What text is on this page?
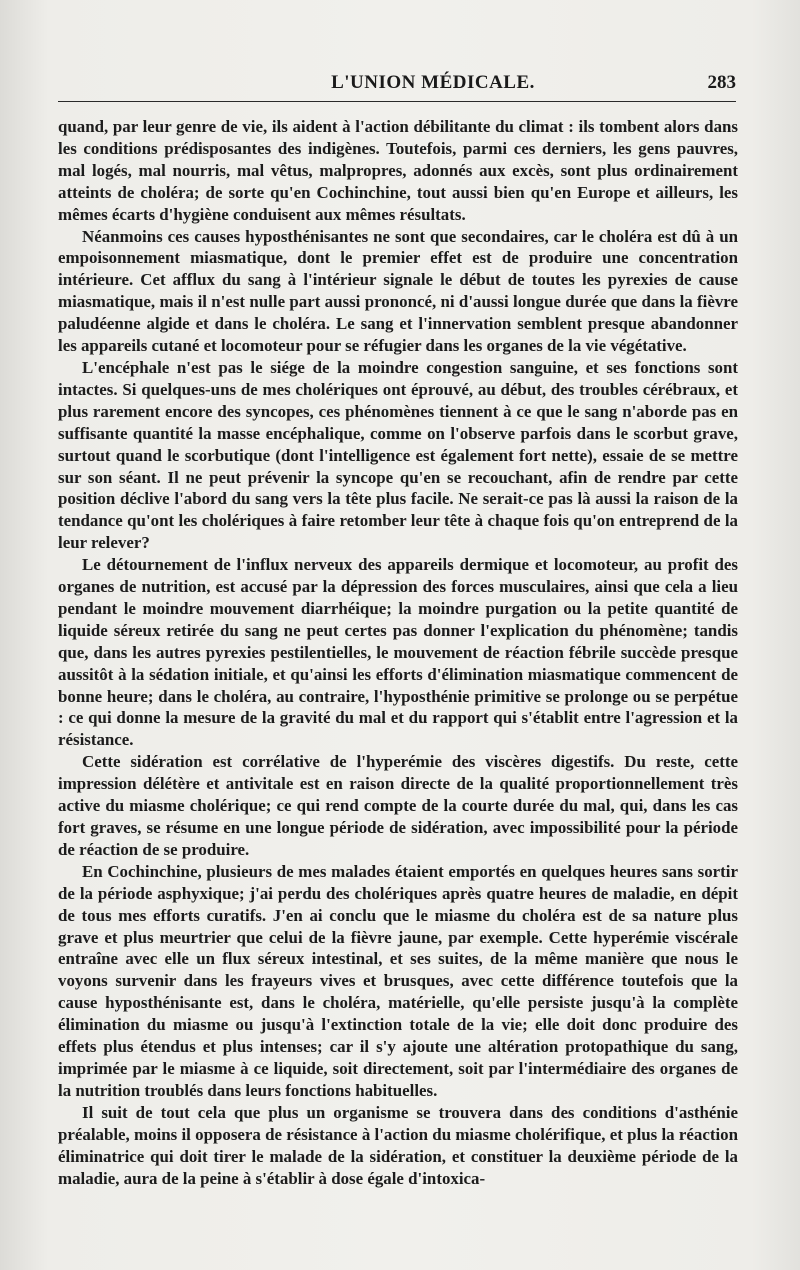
L'UNION MÉDICALE.	283

quand, par leur genre de vie, ils aident à l'action débilitante du climat : ils tombent alors dans les conditions prédisposantes des indigènes. Toutefois, parmi ces derniers, les gens pauvres, mal logés, mal nourris, mal vêtus, malpropres, adonnés aux excès, sont plus ordinairement atteints de choléra; de sorte qu'en Cochinchine, tout aussi bien qu'en Europe et ailleurs, les mêmes écarts d'hygiène conduisent aux mêmes résultats.

Néanmoins ces causes hyposthénisantes ne sont que secondaires, car le choléra est dû à un empoisonnement miasmatique, dont le premier effet est de produire une concentration intérieure. Cet afflux du sang à l'intérieur signale le début de toutes les pyrexies de cause miasmatique, mais il n'est nulle part aussi prononcé, ni d'aussi longue durée que dans la fièvre paludéenne algide et dans le choléra. Le sang et l'innervation semblent presque abandonner les appareils cutané et locomoteur pour se réfugier dans les organes de la vie végétative.

L'encéphale n'est pas le siége de la moindre congestion sanguine, et ses fonctions sont intactes. Si quelques-uns de mes cholériques ont éprouvé, au début, des troubles cérébraux, et plus rarement encore des syncopes, ces phénomènes tiennent à ce que le sang n'aborde pas en suffisante quantité la masse encéphalique, comme on l'observe parfois dans le scorbut grave, surtout quand le scorbutique (dont l'intelligence est également fort nette), essaie de se mettre sur son séant. Il ne peut prévenir la syncope qu'en se recouchant, afin de rendre par cette position déclive l'abord du sang vers la tête plus facile. Ne serait-ce pas là aussi la raison de la tendance qu'ont les cholériques à faire retomber leur tête à chaque fois qu'on entreprend de la leur relever?

Le détournement de l'influx nerveux des appareils dermique et locomoteur, au profit des organes de nutrition, est accusé par la dépression des forces musculaires, ainsi que cela a lieu pendant le moindre mouvement diarrhéique; la moindre purgation ou la petite quantité de liquide séreux retirée du sang ne peut certes pas donner l'explication du phénomène; tandis que, dans les autres pyrexies pestilentielles, le mouvement de réaction fébrile succède presque aussitôt à la sédation initiale, et qu'ainsi les efforts d'élimination miasmatique commencent de bonne heure; dans le choléra, au contraire, l'hyposthénie primitive se prolonge ou se perpétue : ce qui donne la mesure de la gravité du mal et du rapport qui s'établit entre l'agression et la résistance.

Cette sidération est corrélative de l'hyperémie des viscères digestifs. Du reste, cette impression délétère et antivitale est en raison directe de la qualité proportionnellement très active du miasme cholérique; ce qui rend compte de la courte durée du mal, qui, dans les cas fort graves, se résume en une longue période de sidération, avec impossibilité pour la période de réaction de se produire.

En Cochinchine, plusieurs de mes malades étaient emportés en quelques heures sans sortir de la période asphyxique; j'ai perdu des cholériques après quatre heures de maladie, en dépit de tous mes efforts curatifs. J'en ai conclu que le miasme du choléra est de sa nature plus grave et plus meurtrier que celui de la fièvre jaune, par exemple. Cette hyperémie viscérale entraîne avec elle un flux séreux intestinal, et ses suites, de la même manière que nous le voyons survenir dans les frayeurs vives et brusques, avec cette différence toutefois que la cause hyposthénisante est, dans le choléra, matérielle, qu'elle persiste jusqu'à la complète élimination du miasme ou jusqu'à l'extinction totale de la vie; elle doit donc produire des effets plus étendus et plus intenses; car il s'y ajoute une altération protopathique du sang, imprimée par le miasme à ce liquide, soit directement, soit par l'intermédiaire des organes de la nutrition troublés dans leurs fonctions habituelles.

Il suit de tout cela que plus un organisme se trouvera dans des conditions d'asthénie préalable, moins il opposera de résistance à l'action du miasme cholérifique, et plus la réaction éliminatrice qui doit tirer le malade de la sidération, et constituer la deuxième période de la maladie, aura de la peine à s'établir à dose égale d'intoxica-
